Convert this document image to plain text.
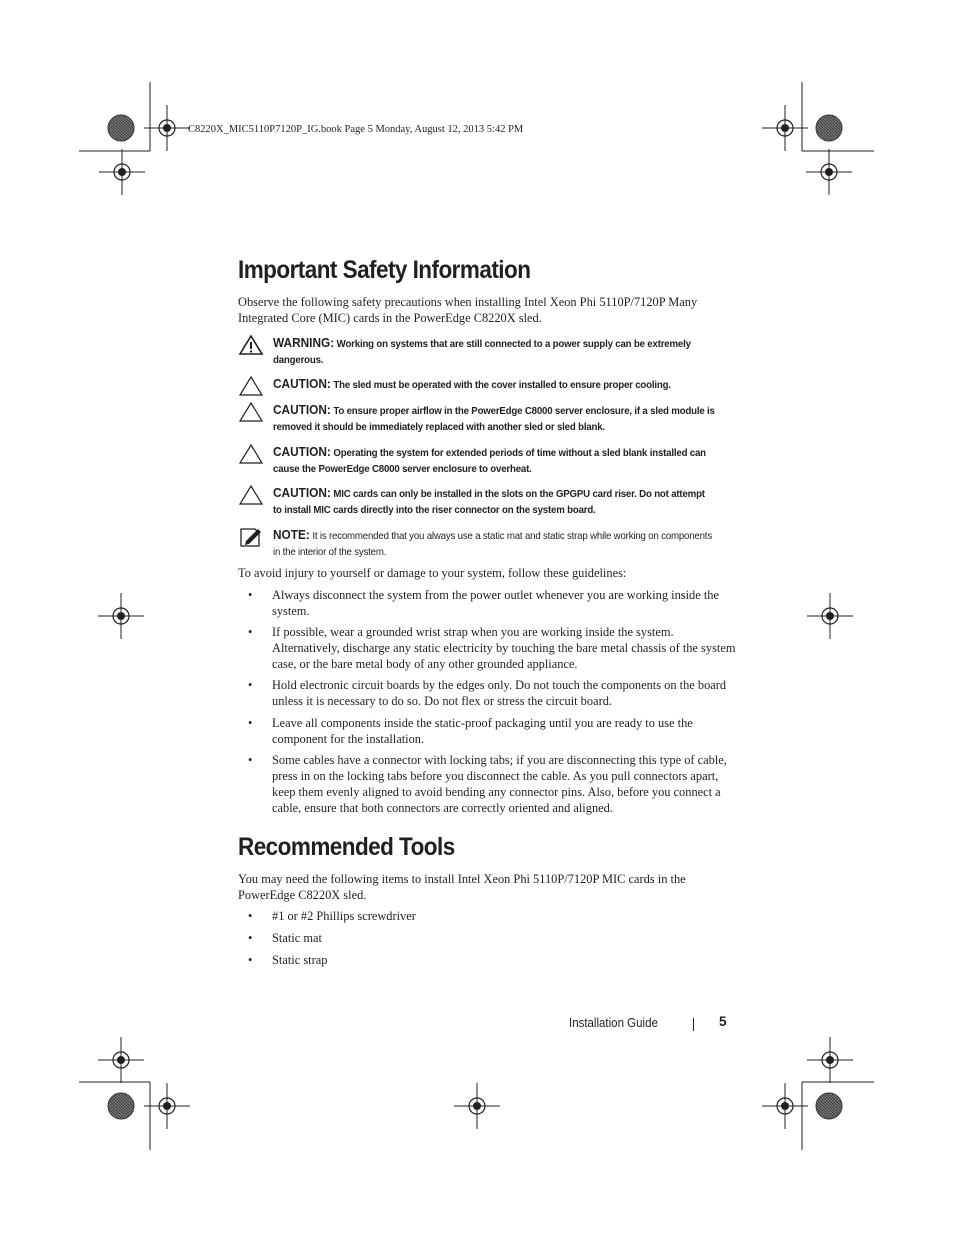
C8220X_MIC5110P7120P_IG.book Page 5 Monday, August 12, 2013 5:42 PM
Important Safety Information
Observe the following safety precautions when installing Intel Xeon Phi 5110P/7120P Many Integrated Core (MIC) cards in the PowerEdge C8220X sled.
WARNING: Working on systems that are still connected to a power supply can be extremely dangerous.
CAUTION: The sled must be operated with the cover installed to ensure proper cooling.
CAUTION: To ensure proper airflow in the PowerEdge C8000 server enclosure, if a sled module is removed it should be immediately replaced with another sled or sled blank.
CAUTION: Operating the system for extended periods of time without a sled blank installed can cause the PowerEdge C8000 server enclosure to overheat.
CAUTION: MIC cards can only be installed in the slots on the GPGPU card riser. Do not attempt to install MIC cards directly into the riser connector on the system board.
NOTE: It is recommended that you always use a static mat and static strap while working on components in the interior of the system.
To avoid injury to yourself or damage to your system, follow these guidelines:
• Always disconnect the system from the power outlet whenever you are working inside the system.
• If possible, wear a grounded wrist strap when you are working inside the system. Alternatively, discharge any static electricity by touching the bare metal chassis of the system case, or the bare metal body of any other grounded appliance.
• Hold electronic circuit boards by the edges only. Do not touch the components on the board unless it is necessary to do so. Do not flex or stress the circuit board.
• Leave all components inside the static-proof packaging until you are ready to use the component for the installation.
• Some cables have a connector with locking tabs; if you are disconnecting this type of cable, press in on the locking tabs before you disconnect the cable. As you pull connectors apart, keep them evenly aligned to avoid bending any connector pins. Also, before you connect a cable, ensure that both connectors are correctly oriented and aligned.
Recommended Tools
You may need the following items to install Intel Xeon Phi 5110P/7120P MIC cards in the PowerEdge C8220X sled.
• #1 or #2 Phillips screwdriver
• Static mat
• Static strap
Installation Guide	5
